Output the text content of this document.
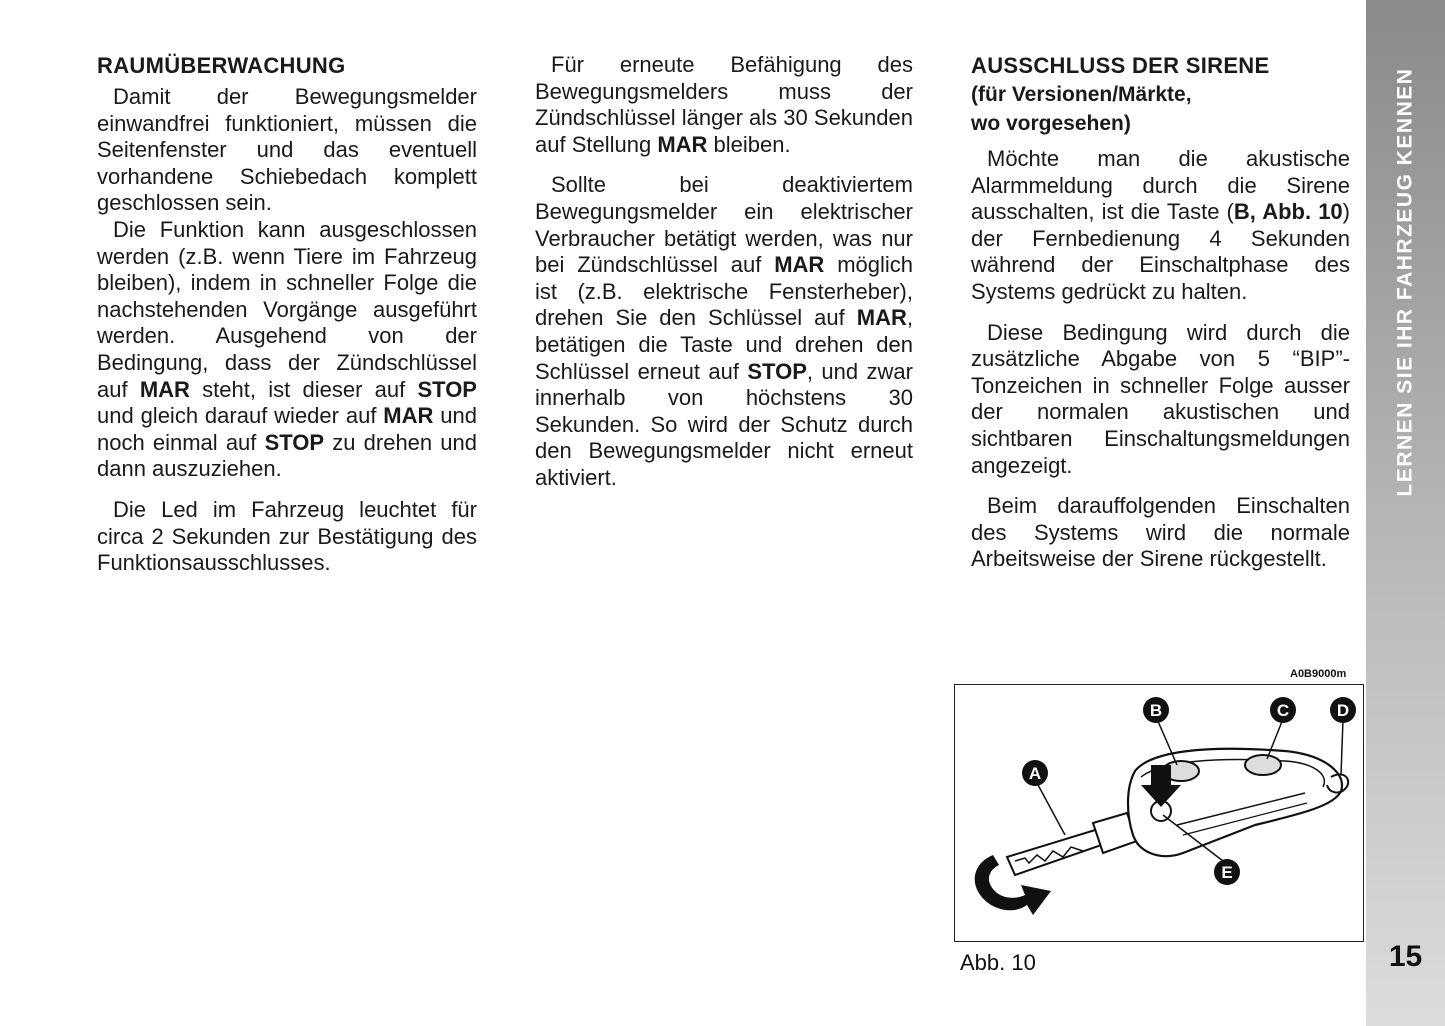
RAUMÜBERWACHUNG

Damit der Bewegungsmelder einwandfrei funktioniert, müssen die Seitenfenster und das eventuell vorhandene Schiebedach komplett geschlossen sein.

Die Funktion kann ausgeschlossen werden (z.B. wenn Tiere im Fahrzeug bleiben), indem in schneller Folge die nachstehenden Vorgänge ausgeführt werden. Ausgehend von der Bedingung, dass der Zündschlüssel auf MAR steht, ist dieser auf STOP und gleich darauf wieder auf MAR und noch einmal auf STOP zu drehen und dann auszuziehen.

Die Led im Fahrzeug leuchtet für circa 2 Sekunden zur Bestätigung des Funktionsausschlusses.

Für erneute Befähigung des Bewegungsmelders muss der Zündschlüssel länger als 30 Sekunden auf Stellung MAR bleiben.

Sollte bei deaktiviertem Bewegungsmelder ein elektrischer Verbraucher betätigt werden, was nur bei Zündschlüssel auf MAR möglich ist (z.B. elektrische Fensterheber), drehen Sie den Schlüssel auf MAR, betätigen die Taste und drehen den Schlüssel erneut auf STOP, und zwar innerhalb von höchstens 30 Sekunden. So wird der Schutz durch den Bewegungsmelder nicht erneut aktiviert.

AUSSCHLUSS DER SIRENE
(für Versionen/Märkte,
wo vorgesehen)

Möchte man die akustische Alarmmeldung durch die Sirene ausschalten, ist die Taste (B, Abb. 10) der Fernbedienung 4 Sekunden während der Einschaltphase des Systems gedrückt zu halten.

Diese Bedingung wird durch die zusätzliche Abgabe von 5 “BIP”-Tonzeichen in schneller Folge ausser der normalen akustischen und sichtbaren Einschaltungsmeldungen angezeigt.

Beim darauffolgenden Einschalten des Systems wird die normale Arbeitsweise der Sirene rückgestellt.

LERNEN SIE IHR FAHRZEUG KENNEN
15
A0B9000m
A
B	C	D
E
Abb. 10
